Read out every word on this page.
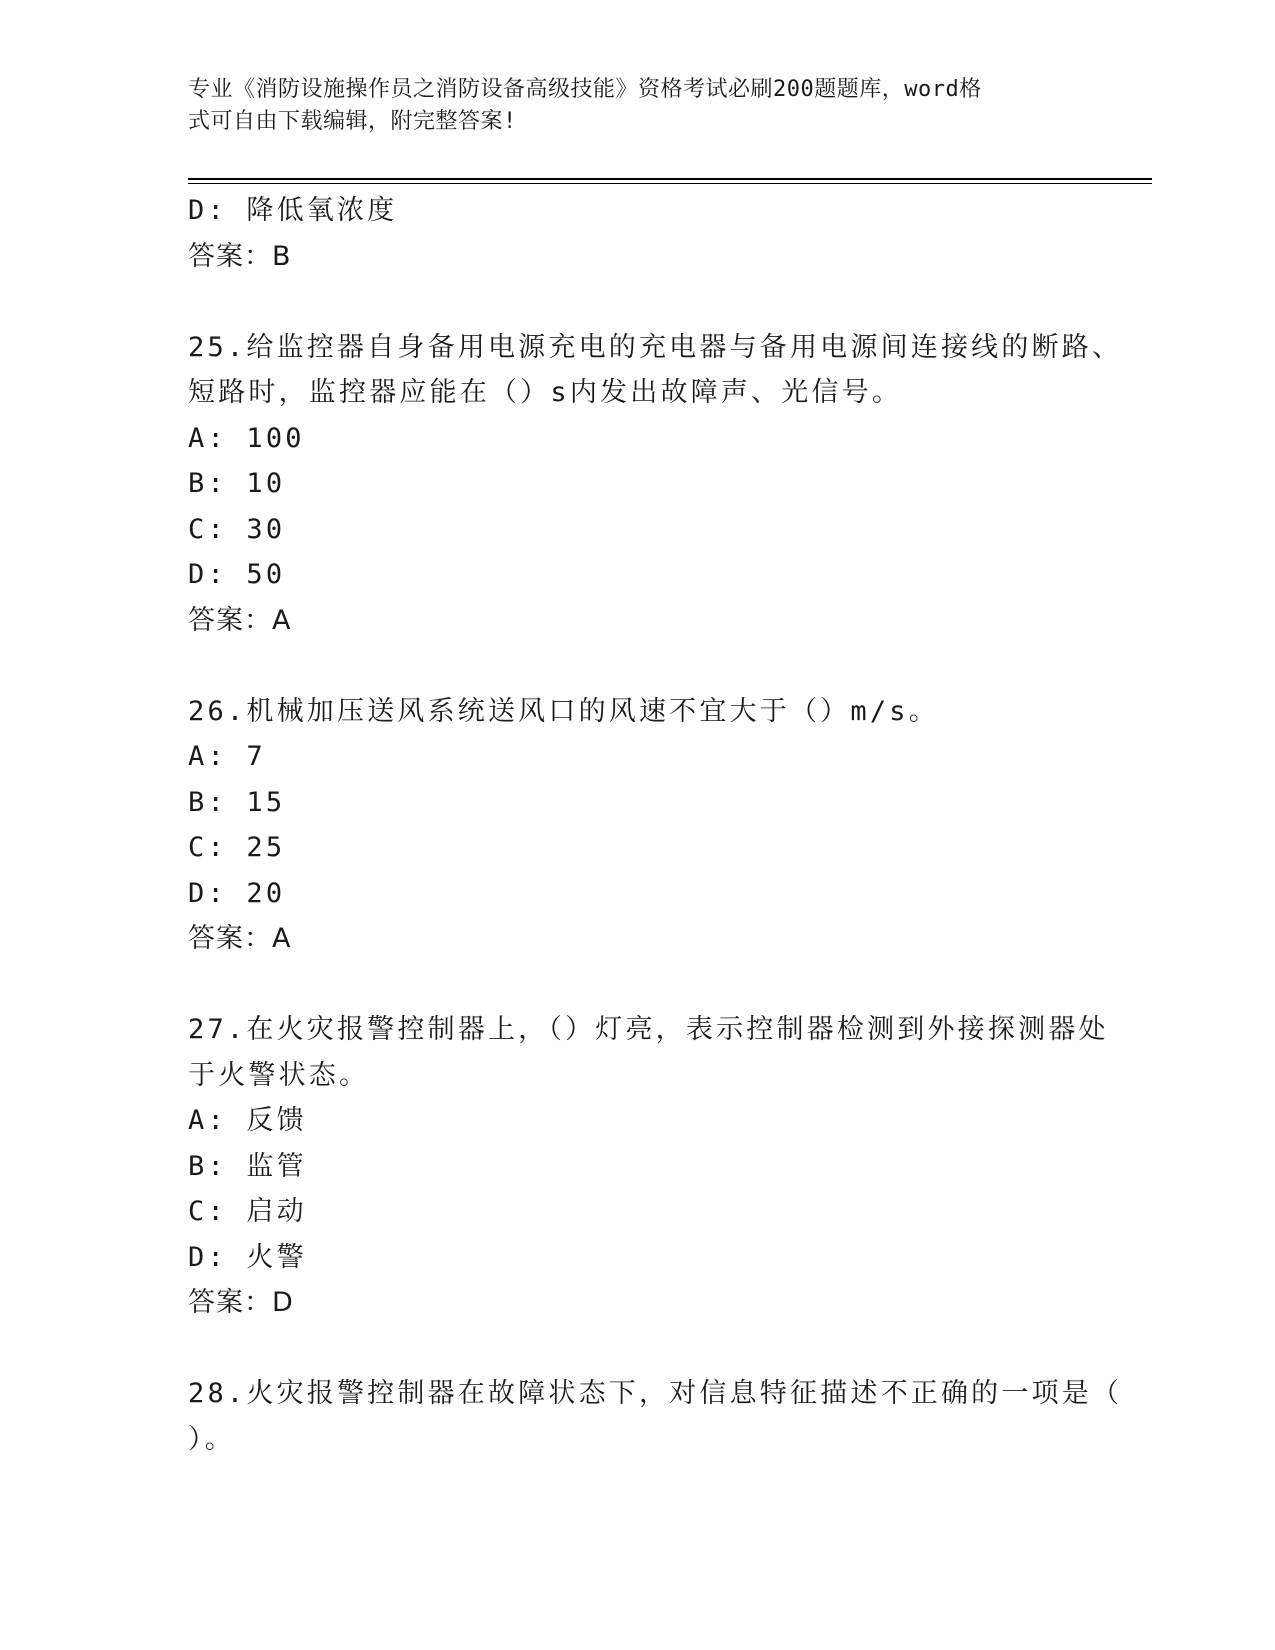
专业《消防设施操作员之消防设备高级技能》资格考试必刷200题题库，word格
式可自由下载编辑，附完整答案!
D: 降低氧浓度
答案：B
25.给监控器自身备用电源充电的充电器与备用电源间连接线的断路、
短路时，监控器应能在（）s内发出故障声、光信号。
A: 100
B: 10
C: 30
D: 50
答案：A
26.机械加压送风系统送风口的风速不宜大于（）m/s。
A: 7
B: 15
C: 25
D: 20
答案：A
27.在火灾报警控制器上，（）灯亮，表示控制器检测到外接探测器处
于火警状态。
A: 反馈
B: 监管
C: 启动
D: 火警
答案：D
28.火灾报警控制器在故障状态下，对信息特征描述不正确的一项是（
）。
